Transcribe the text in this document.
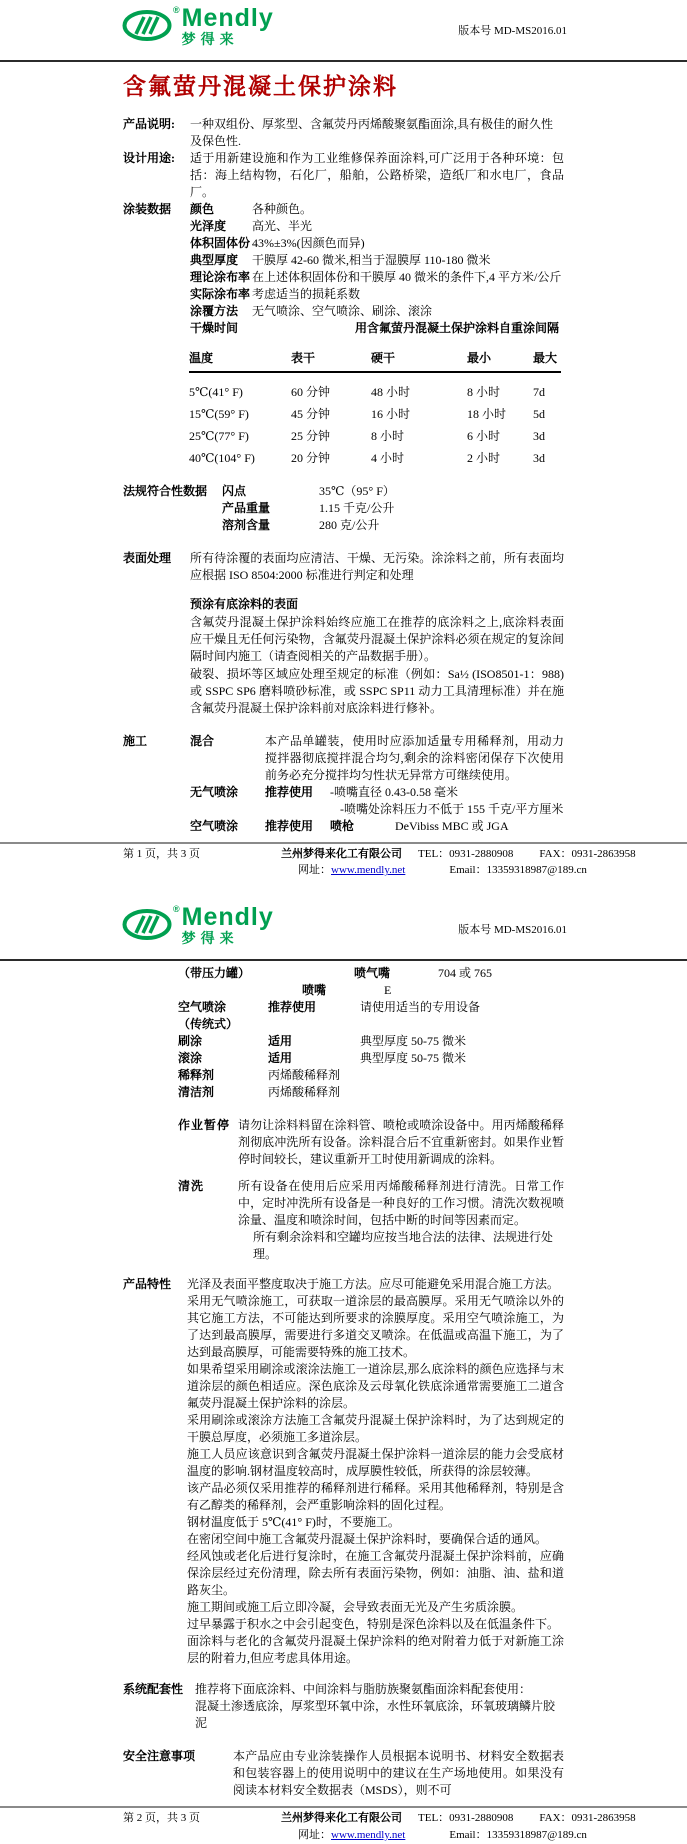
® Mendly
梦得来	版本号 MD-MS2016.01
含氟萤丹混凝土保护涂料
产品说明:	一种双组份、厚浆型、含氟荧丹丙烯酸聚氨酯面涂,具有极佳的耐久性及保色性.
设计用途:	适于用新建设施和作为工业维修保养面涂料,可广泛用于各种环境：包括：海上结构物，石化厂，船舶，公路桥梁，造纸厂和水电厂，食品厂。
涂装数据	颜色	各种颜色。
光泽度	高光、半光
体积固体份 43%±3%(因颜色而异)
典型厚度	干膜厚 42-60 微米,相当于湿膜厚 110-180 微米
理论涂布率 在上述体积固体份和干膜厚 40 微米的条件下,4 平方米/公斤
实际涂布率 考虑适当的损耗系数
涂覆方法	无气喷涂、空气喷涂、刷涂、滚涂
干燥时间	用含氟萤丹混凝土保护涂料自重涂间隔
温度	表干	硬干	最小	最大
5℃(41° F)	60 分钟	48 小时	8 小时	7d
15℃(59° F)	45 分钟	16 小时	18 小时	5d
25℃(77° F)	25 分钟	8 小时	6 小时	3d
40℃(104° F)	20 分钟	4 小时	2 小时	3d
法规符合性数据	闪点	35℃（95° F）
产品重量	1.15 千克/公升
溶剂含量	280 克/公升
表面处理	所有待涂覆的表面均应清洁、干燥、无污染。涂涂料之前，所有表面均应根据 ISO 8504:2000 标准进行判定和处理
预涂有底涂料的表面

含氟荧丹混凝土保护涂料始终应施工在推荐的底涂料之上,底涂料表面应干燥且无任何污染物，含氟荧丹混凝土保护涂料必须在规定的复涂间隔时间内施工（请查阅相关的产品数据手册）。

破裂、损坏等区域应处理至规定的标准（例如：Sa½ (ISO8501-1：988) 或 SSPC SP6 磨料喷砂标准，或 SSPC SP11 动力工具清理标准）并在施含氟荧丹混凝土保护涂料前对底涂料进行修补。

施工	混合	本产品单罐装，使用时应添加适量专用稀释剂，用动力搅拌器彻底搅拌混合均匀,剩余的涂料密闭保存下次使用前务必充分搅拌均匀性状无异常方可继续使用。
无气喷涂	推荐使用	-喷嘴直径 0.43-0.58 毫米
-喷嘴处涂料压力不低于 155 千克/平方厘米
空气喷涂	推荐使用	喷枪	DeVibiss MBC 或 JGA
第 1 页，共 3 页	兰州梦得来化工有限公司 TEL：0931-2880908 FAX：0931-2863958
网址：www.mendly.net	Email：13359318987@189.cn
® Mendly
梦得来	版本号 MD-MS2016.01
（带压力罐）	喷气嘴	704 或 765
喷嘴	E
空气喷涂	推荐使用	请使用适当的专用设备
（传统式）
刷涂	适用	典型厚度 50-75 微米
滚涂	适用	典型厚度 50-75 微米
稀释剂	丙烯酸稀释剂
清洁剂	丙烯酸稀释剂
作业暂停 请勿让涂料料留在涂料管、喷枪或喷涂设备中。用丙烯酸稀释剂彻底冲洗所有设备。涂料混合后不宜重新密封。如果作业暂停时间较长，建议重新开工时使用新调成的涂料。
清洗	所有设备在使用后应采用丙烯酸稀释剂进行清洗。日常工作中，定时冲洗所有设备是一种良好的工作习惯。清洗次数视喷涂量、温度和喷涂时间，包括中断的时间等因素而定。
所有剩余涂料和空罐均应按当地合法的法律、法规进行处理。
产品特性	光泽及表面平整度取决于施工方法。应尽可能避免采用混合施工方法。

采用无气喷涂施工，可获取一道涂层的最高膜厚。采用无气喷涂以外的其它施工方法，不可能达到所要求的涂膜厚度。采用空气喷涂施工，为了达到最高膜厚，需要进行多道交叉喷涂。在低温或高温下施工，为了达到最高膜厚，可能需要特殊的施工技术。

如果希望采用刷涂或滚涂法施工一道涂层,那么底涂料的颜色应选择与末道涂层的颜色相适应。深色底涂及云母氧化铁底涂通常需要施工二道含氟荧丹混凝土保护涂料的涂层。

采用刷涂或滚涂方法施工含氟荧丹混凝土保护涂料时，为了达到规定的干膜总厚度，必须施工多道涂层。

施工人员应该意识到含氟荧丹混凝土保护涂料一道涂层的能力会受底材温度的影响.钢材温度较高时，成厚膜性较低，所获得的涂层较薄。

该产品必须仅采用推荐的稀释剂进行稀释。采用其他稀释剂，特别是含有乙醇类的稀释剂，会严重影响涂料的固化过程。

钢材温度低于 5℃(41° F)时，不要施工。

在密闭空间中施工含氟荧丹混凝土保护涂料时，要确保合适的通风。

经风蚀或老化后进行复涂时，在施工含氟荧丹混凝土保护涂料前，应确保涂层经过充份清理，除去所有表面污染物，例如：油脂、油、盐和道路灰尘。

施工期间或施工后立即冷凝，会导致表面无光及产生劣质涂膜。

过早暴露于积水之中会引起变色，特别是深色涂料以及在低温条件下。

面涂料与老化的含氟荧丹混凝土保护涂料的绝对附着力低于对新施工涂层的附着力,但应考虑具体用途。

系统配套性 推荐将下面底涂料、中间涂料与脂肪族聚氨酯面涂料配套使用：
混凝土渗透底涂，厚浆型环氧中涂，水性环氧底涂，环氧玻璃鳞片胶泥
安全注意事项	本产品应由专业涂装操作人员根据本说明书、材料安全数据表和包装容器上的使用说明中的建议在生产场地使用。如果没有阅读本材料安全数据表（MSDS），则不可
第 2 页，共 3 页	兰州梦得来化工有限公司 TEL：0931-2880908 FAX：0931-2863958
网址：www.mendly.net	Email：13359318987@189.cn
